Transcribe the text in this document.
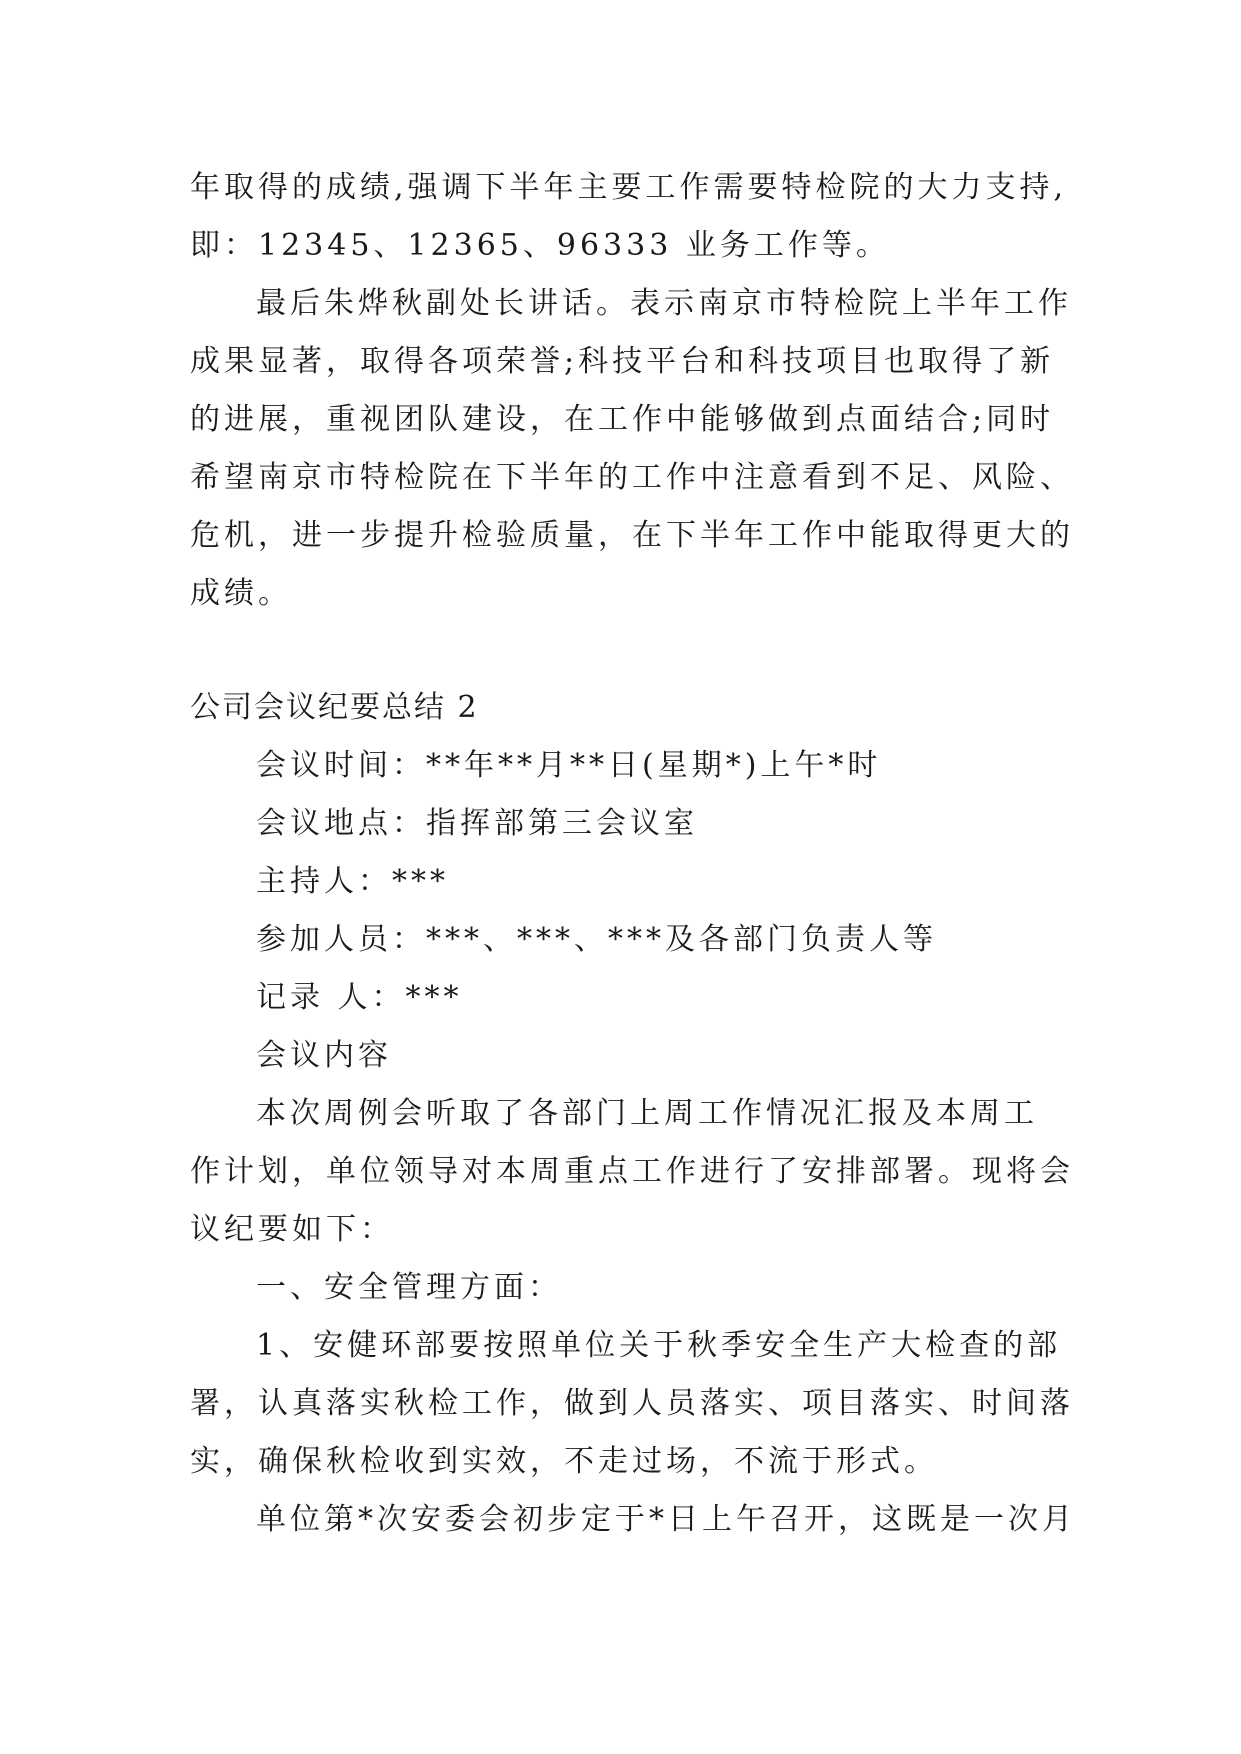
年取得的成绩,强调下半年主要工作需要特检院的大力支持,
即：12345、12365、96333 业务工作等。
最后朱烨秋副处长讲话。表示南京市特检院上半年工作
成果显著，取得各项荣誉;科技平台和科技项目也取得了新
的进展，重视团队建设，在工作中能够做到点面结合;同时
希望南京市特检院在下半年的工作中注意看到不足、风险、
危机，进一步提升检验质量，在下半年工作中能取得更大的
成绩。
公司会议纪要总结 2
会议时间：**年**月**日(星期*)上午*时
会议地点：指挥部第三会议室
主持人：***
参加人员：***、***、***及各部门负责人等
记录 人：***
会议内容
本次周例会听取了各部门上周工作情况汇报及本周工
作计划，单位领导对本周重点工作进行了安排部署。现将会
议纪要如下：
一、安全管理方面：
1、安健环部要按照单位关于秋季安全生产大检查的部
署，认真落实秋检工作，做到人员落实、项目落实、时间落
实，确保秋检收到实效，不走过场，不流于形式。
单位第*次安委会初步定于*日上午召开，这既是一次月
